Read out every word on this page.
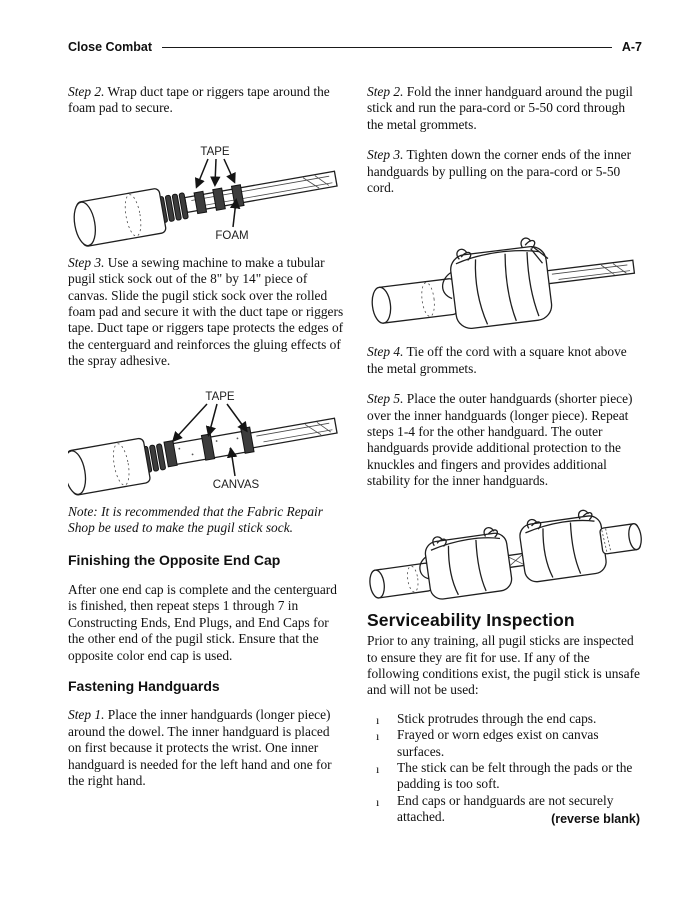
Close Combat	A-7

Step 2. Wrap duct tape or riggers tape around the foam pad to secure.

TAPE
FOAM

Step 3. Use a sewing machine to make a tubular pugil stick sock out of the 8" by 14" piece of canvas. Slide the pugil stick sock over the rolled foam pad and secure it with the duct tape or riggers tape. Duct tape or riggers tape protects the edges of the centerguard and reinforces the gluing effects of the spray adhesive.

TAPE
CANVAS

Note: It is recommended that the Fabric Repair Shop be used to make the pugil stick sock.

Finishing the Opposite End Cap

After one end cap is complete and the centerguard is finished, then repeat steps 1 through 7 in Constructing Ends, End Plugs, and End Caps for the other end of the pugil stick. Ensure that the opposite color end cap is used.

Fastening Handguards

Step 1. Place the inner handguards (longer piece) around the dowel. The inner handguard is placed on first because it protects the wrist. One inner handguard is needed for the left hand and one for the right hand.

Step 2. Fold the inner handguard around the pugil stick and run the para-cord or 5-50 cord through the metal grommets.

Step 3. Tighten down the corner ends of the inner handguards by pulling on the para-cord or 5-50 cord.

Step 4. Tie off the cord with a square knot above the metal grommets.

Step 5. Place the outer handguards (shorter piece) over the inner handguards (longer piece). Repeat steps 1-4 for the other handguard. The outer handguards provide additional protection to the knuckles and fingers and provides additional stability for the inner handguards.

Serviceability Inspection

Prior to any training, all pugil sticks are inspected to ensure they are fit for use. If any of the following conditions exist, the pugil stick is unsafe and will not be used:

ı Stick protrudes through the end caps.
ı Frayed or worn edges exist on canvas surfaces.
ı The stick can be felt through the pads or the padding is too soft.
ı End caps or handguards are not securely attached.	(reverse blank)
